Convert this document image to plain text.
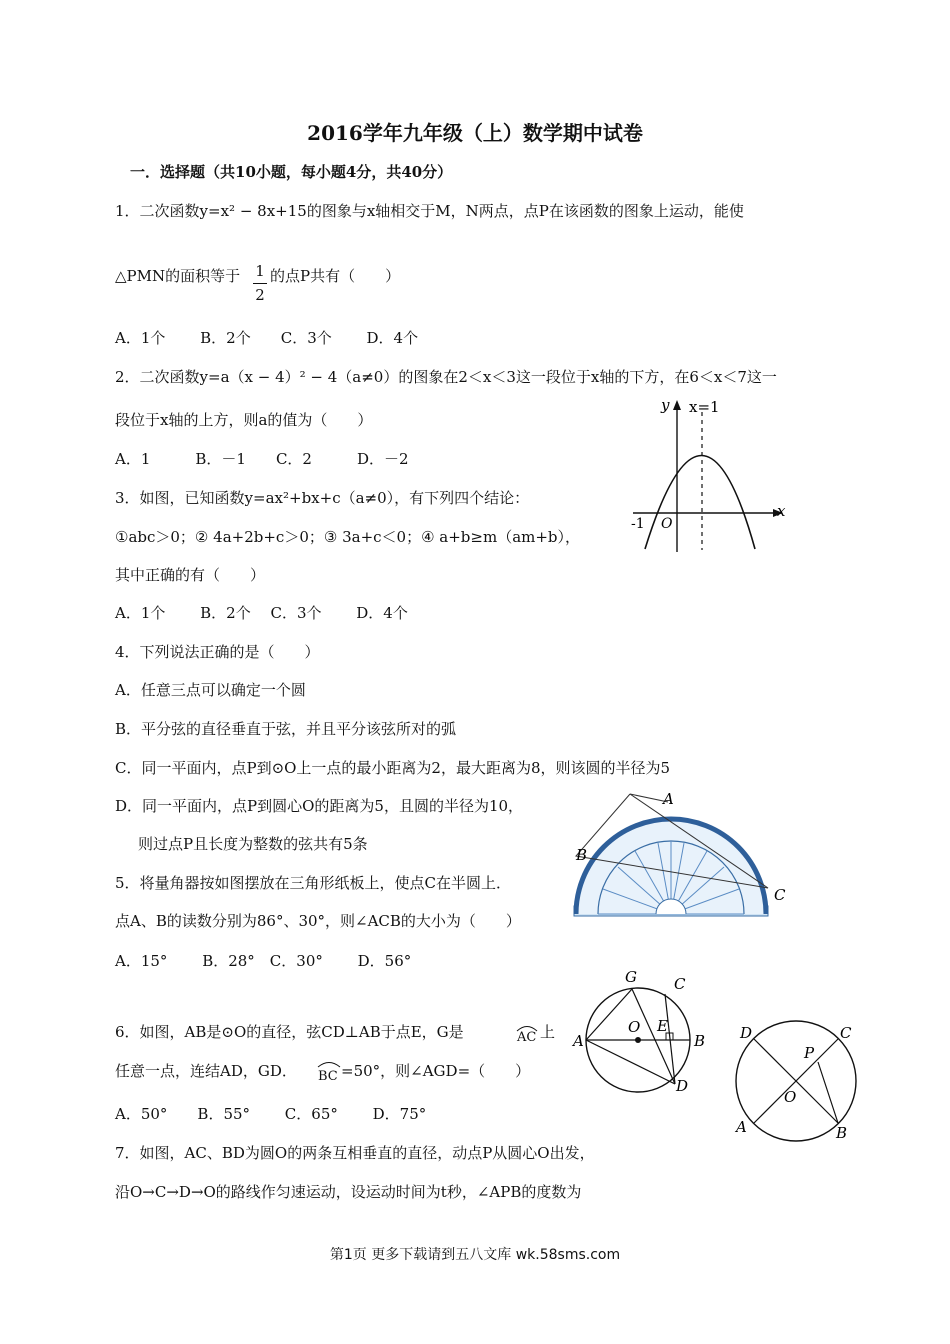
2016学年九年级（上）数学期中试卷
一．选择题（共10小题，每小题4分，共40分）
1．二次函数y=x² − 8x+15的图象与x轴相交于M，N两点，点P在该函数的图象上运动，能使
△PMN的面积等于 1
2
的点P共有（　　）
A．1个　　 B．2个　　C．3个　　 D．4个
2．二次函数y=a（x − 4）² − 4（a≠0）的图象在2＜x＜3这一段位于x轴的下方，在6＜x＜7这一
段位于x轴的上方，则a的值为（　　）
A．1　　　B．－1　　C．2　　　D．－2
3．如图，已知函数y=ax²+bx+c（a≠0），有下列四个结论：
①abc＞0；② 4a+2b+c＞0；③ 3a+c＜0；④ a+b≥m（am+b），
其中正确的有（　　）
A．1个　　 B．2个　 C．3个　　 D．4个
y x=1
x
-1 O
4．下列说法正确的是（　　）
A．任意三点可以确定一个圆
B．平分弦的直径垂直于弦，并且平分该弦所对的弧
C．同一平面内，点P到⊙O上一点的最小距离为2，最大距离为8，则该圆的半径为5
D．同一平面内，点P到圆心O的距离为5，且圆的半径为10，
则过点P且长度为整数的弦共有5条
5．将量角器按如图摆放在三角形纸板上，使点C在半圆上．
点A、B的读数分别为86°、30°，则∠ACB的大小为（　　）
A．15°　　 B．28°　C．30°　　 D．56°
A
B
C
6．如图，AB是⊙O的直径，弦CD⊥AB于点E，G是	AC 上
任意一点，连结AD，GD． BC =50°，则∠AGD=（　　）
A．50°　　B．55°　　 C．65°　　 D．75°
G C
O E
A	B
D
D	C
P
O
A	B
7．如图，AC、BD为圆O的两条互相垂直的直径，动点P从圆心O出发，
沿O→C→D→O的路线作匀速运动，设运动时间为t秒，∠APB的度数为
第1页 更多下载请到五八文库 wk.58sms.com
